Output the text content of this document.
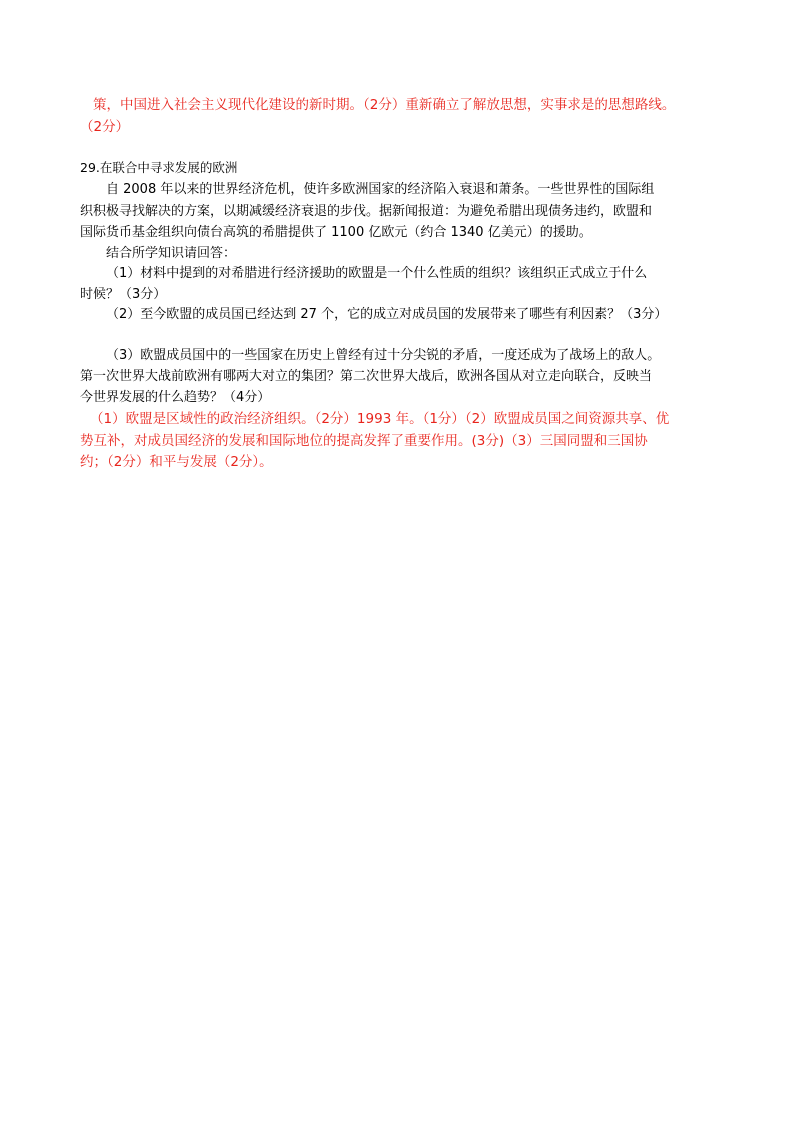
策，中国进入社会主义现代化建设的新时期。（2分）重新确立了解放思想，实事求是的思想路线。
（2分）
29.在联合中寻求发展的欧洲
自 2008 年以来的世界经济危机，使许多欧洲国家的经济陷入衰退和萧条。一些世界性的国际组
织积极寻找解决的方案，以期减缓经济衰退的步伐。据新闻报道：为避免希腊出现债务违约，欧盟和
国际货币基金组织向债台高筑的希腊提供了 1100 亿欧元（约合 1340 亿美元）的援助。
结合所学知识请回答：
（1）材料中提到的对希腊进行经济援助的欧盟是一个什么性质的组织？该组织正式成立于什么
时候？（3分）
（2）至今欧盟的成员国已经达到 27 个，它的成立对成员国的发展带来了哪些有利因素？（3分）
（3）欧盟成员国中的一些国家在历史上曾经有过十分尖锐的矛盾，一度还成为了战场上的敌人。
第一次世界大战前欧洲有哪两大对立的集团？第二次世界大战后，欧洲各国从对立走向联合，反映当
今世界发展的什么趋势？（4分）
（1）欧盟是区域性的政治经济组织。（2分）1993 年。（1分）（2）欧盟成员国之间资源共享、优
势互补，对成员国经济的发展和国际地位的提高发挥了重要作用。(3分)（3）三国同盟和三国协
约；（2分）和平与发展（2分）。
